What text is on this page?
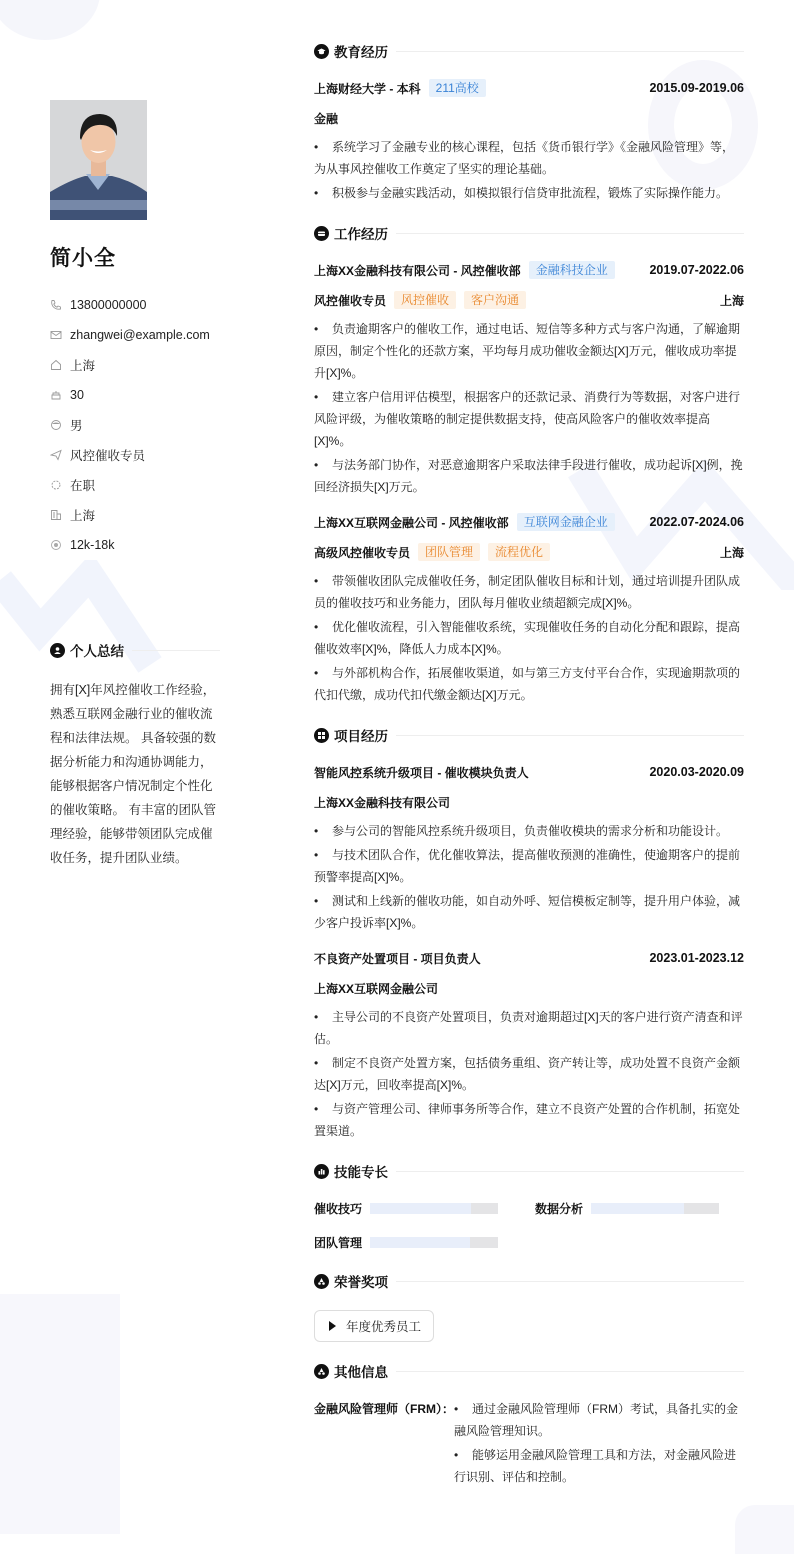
简小全
13800000000
zhangwei@example.com
上海
30
男
风控催收专员
在职
上海
12k-18k
个人总结

拥有[X]年风控催收工作经验，熟悉互联网金融行业的催收流程和法律法规。 具备较强的数据分析能力和沟通协调能力，能够根据客户情况制定个性化的催收策略。 有丰富的团队管理经验，能够带领团队完成催收任务，提升团队业绩。

教育经历
上海财经大学 - 本科	211高校	2015.09-2019.06
金融

• 系统学习了金融专业的核心课程，包括《货币银行学》《金融风险管理》等，为从事风控催收工作奠定了坚实的理论基础。

• 积极参与金融实践活动，如模拟银行信贷审批流程，锻炼了实际操作能力。

工作经历
上海XX金融科技有限公司 - 风控催收部	金融科技企业	2019.07-2022.06
风控催收专员	风控催收	客户沟通	上海

• 负责逾期客户的催收工作，通过电话、短信等多种方式与客户沟通，了解逾期原因，制定个性化的还款方案，平均每月成功催收金额达[X]万元，催收成功率提升[X]%。

• 建立客户信用评估模型，根据客户的还款记录、消费行为等数据，对客户进行风险评级，为催收策略的制定提供数据支持，使高风险客户的催收效率提高[X]%。

• 与法务部门协作，对恶意逾期客户采取法律手段进行催收，成功起诉[X]例，挽回经济损失[X]万元。

上海XX互联网金融公司 - 风控催收部	互联网金融企业	2022.07-2024.06
高级风控催收专员	团队管理	流程优化	上海

• 带领催收团队完成催收任务，制定团队催收目标和计划，通过培训提升团队成员的催收技巧和业务能力，团队每月催收业绩超额完成[X]%。

• 优化催收流程，引入智能催收系统，实现催收任务的自动化分配和跟踪，提高催收效率[X]%，降低人力成本[X]%。

• 与外部机构合作，拓展催收渠道，如与第三方支付平台合作，实现逾期款项的代扣代缴，成功代扣代缴金额达[X]万元。

项目经历
智能风控系统升级项目 - 催收模块负责人	2020.03-2020.09
上海XX金融科技有限公司

• 参与公司的智能风控系统升级项目，负责催收模块的需求分析和功能设计。

• 与技术团队合作，优化催收算法，提高催收预测的准确性，使逾期客户的提前预警率提高[X]%。

• 测试和上线新的催收功能，如自动外呼、短信模板定制等，提升用户体验，减少客户投诉率[X]%。

不良资产处置项目 - 项目负责人	2023.01-2023.12
上海XX互联网金融公司

• 主导公司的不良资产处置项目，负责对逾期超过[X]天的客户进行资产清查和评估。

• 制定不良资产处置方案，包括债务重组、资产转让等，成功处置不良资产金额达[X]万元，回收率提高[X]%。

• 与资产管理公司、律师事务所等合作，建立不良资产处置的合作机制，拓宽处置渠道。

技能专长
催收技巧	数据分析
团队管理
荣誉奖项
年度优秀员工
其他信息
金融风险管理师（FRM）： • 通过金融风险管理师（FRM）考试，具备扎实的金融风险管理知识。

• 能够运用金融风险管理工具和方法，对金融风险进行识别、评估和控制。
